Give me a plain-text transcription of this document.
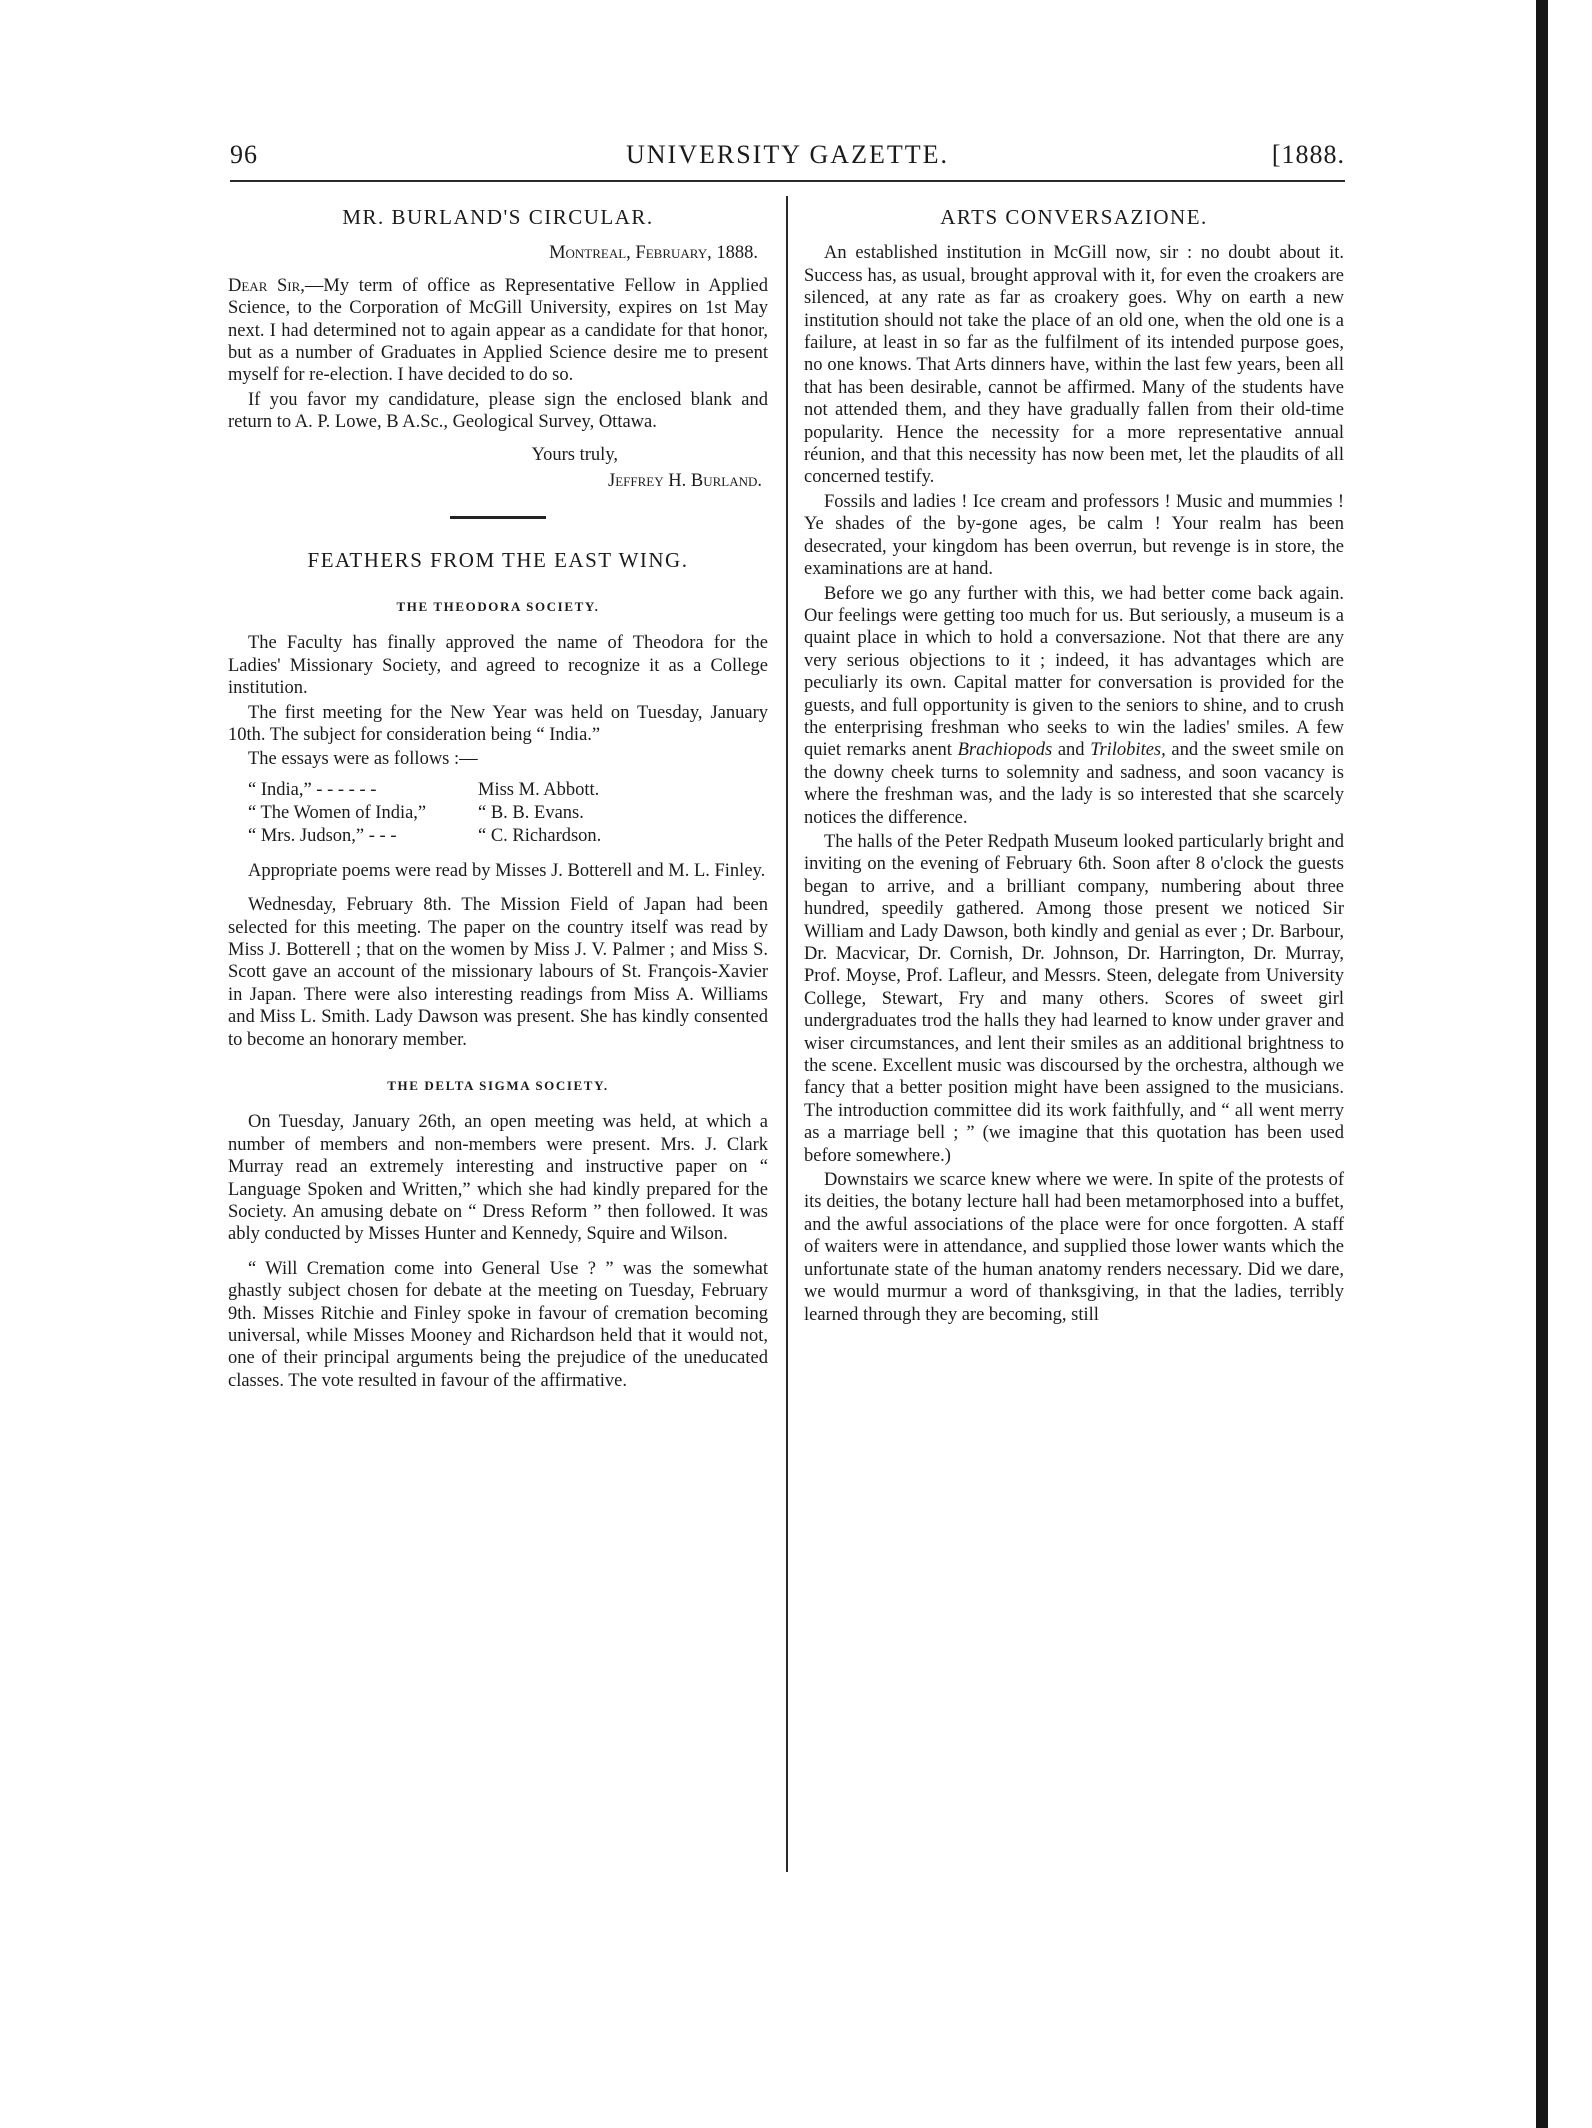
96	UNIVERSITY GAZETTE.	[1888.
MR. BURLAND'S CIRCULAR.
Montreal, February, 1888.

Dear Sir,—My term of office as Representative Fellow in Applied Science, to the Corporation of McGill University, expires on 1st May next. I had determined not to again appear as a candidate for that honor, but as a number of Graduates in Applied Science desire me to present myself for re-election. I have decided to do so.

If you favor my candidature, please sign the enclosed blank and return to A. P. Lowe, B A.Sc., Geological Survey, Ottawa.

Yours truly,
Jeffrey H. Burland.
FEATHERS FROM THE EAST WING.
THE THEODORA SOCIETY.

The Faculty has finally approved the name of Theodora for the Ladies' Missionary Society, and agreed to recognize it as a College institution.

The first meeting for the New Year was held on Tuesday, January 10th. The subject for consideration being “ India.”

The essays were as follows :—

“ India,” - - - - - -	Miss M. Abbott.
“ The Women of India,”	“ B. B. Evans.
“ Mrs. Judson,” - - -	“ C. Richardson.

Appropriate poems were read by Misses J. Botterell and M. L. Finley.

Wednesday, February 8th. The Mission Field of Japan had been selected for this meeting. The paper on the country itself was read by Miss J. Botterell ; that on the women by Miss J. V. Palmer ; and Miss S. Scott gave an account of the missionary labours of St. François-Xavier in Japan. There were also interesting readings from Miss A. Williams and Miss L. Smith. Lady Dawson was present. She has kindly consented to become an honorary member.

THE DELTA SIGMA SOCIETY.

On Tuesday, January 26th, an open meeting was held, at which a number of members and non-members were present. Mrs. J. Clark Murray read an extremely interesting and instructive paper on “ Language Spoken and Written,” which she had kindly prepared for the Society. An amusing debate on “ Dress Reform ” then followed. It was ably conducted by Misses Hunter and Kennedy, Squire and Wilson.

“ Will Cremation come into General Use ? ” was the somewhat ghastly subject chosen for debate at the meeting on Tuesday, February 9th. Misses Ritchie and Finley spoke in favour of cremation becoming universal, while Misses Mooney and Richardson held that it would not, one of their principal arguments being the prejudice of the uneducated classes. The vote resulted in favour of the affirmative.

ARTS CONVERSAZIONE.

An established institution in McGill now, sir : no doubt about it. Success has, as usual, brought approval with it, for even the croakers are silenced, at any rate as far as croakery goes. Why on earth a new institution should not take the place of an old one, when the old one is a failure, at least in so far as the fulfilment of its intended purpose goes, no one knows. That Arts dinners have, within the last few years, been all that has been desirable, cannot be affirmed. Many of the students have not attended them, and they have gradually fallen from their old-time popularity. Hence the necessity for a more representative annual réunion, and that this necessity has now been met, let the plaudits of all concerned testify.

Fossils and ladies ! Ice cream and professors ! Music and mummies ! Ye shades of the by-gone ages, be calm ! Your realm has been desecrated, your kingdom has been overrun, but revenge is in store, the examinations are at hand.

Before we go any further with this, we had better come back again. Our feelings were getting too much for us. But seriously, a museum is a quaint place in which to hold a conversazione. Not that there are any very serious objections to it ; indeed, it has advantages which are peculiarly its own. Capital matter for conversation is provided for the guests, and full opportunity is given to the seniors to shine, and to crush the enterprising freshman who seeks to win the ladies' smiles. A few quiet remarks anent Brachiopods and Trilobites, and the sweet smile on the downy cheek turns to solemnity and sadness, and soon vacancy is where the freshman was, and the lady is so interested that she scarcely notices the difference.

The halls of the Peter Redpath Museum looked particularly bright and inviting on the evening of February 6th. Soon after 8 o'clock the guests began to arrive, and a brilliant company, numbering about three hundred, speedily gathered. Among those present we noticed Sir William and Lady Dawson, both kindly and genial as ever ; Dr. Barbour, Dr. Macvicar, Dr. Cornish, Dr. Johnson, Dr. Harrington, Dr. Murray, Prof. Moyse, Prof. Lafleur, and Messrs. Steen, delegate from University College, Stewart, Fry and many others. Scores of sweet girl undergraduates trod the halls they had learned to know under graver and wiser circumstances, and lent their smiles as an additional brightness to the scene. Excellent music was discoursed by the orchestra, although we fancy that a better position might have been assigned to the musicians. The introduction committee did its work faithfully, and “ all went merry as a marriage bell ; ” (we imagine that this quotation has been used before somewhere.)

Downstairs we scarce knew where we were. In spite of the protests of its deities, the botany lecture hall had been metamorphosed into a buffet, and the awful associations of the place were for once forgotten. A staff of waiters were in attendance, and supplied those lower wants which the unfortunate state of the human anatomy renders necessary. Did we dare, we would murmur a word of thanksgiving, in that the ladies, terribly learned through they are becoming, still
